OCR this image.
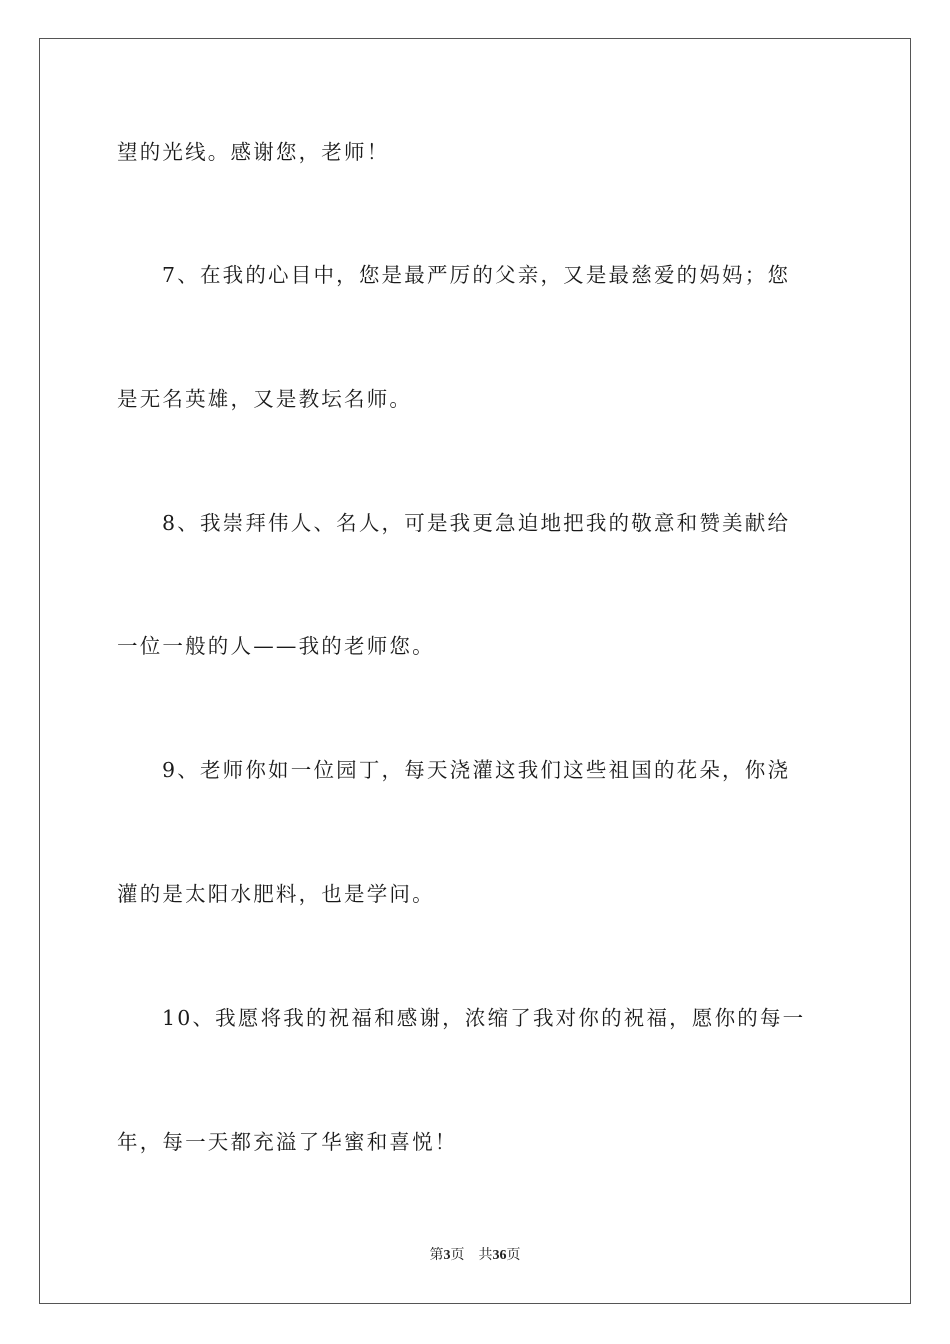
望的光线。感谢您，老师！
7、在我的心目中，您是最严厉的父亲，又是最慈爱的妈妈；您
是无名英雄，又是教坛名师。
8、我崇拜伟人、名人，可是我更急迫地把我的敬意和赞美献给
一位一般的人——我的老师您。
9、老师你如一位园丁，每天浇灌这我们这些祖国的花朵，你浇
灌的是太阳水肥料，也是学问。
10、我愿将我的祝福和感谢，浓缩了我对你的祝福，愿你的每一
年，每一天都充溢了华蜜和喜悦！
第3页 共36页
